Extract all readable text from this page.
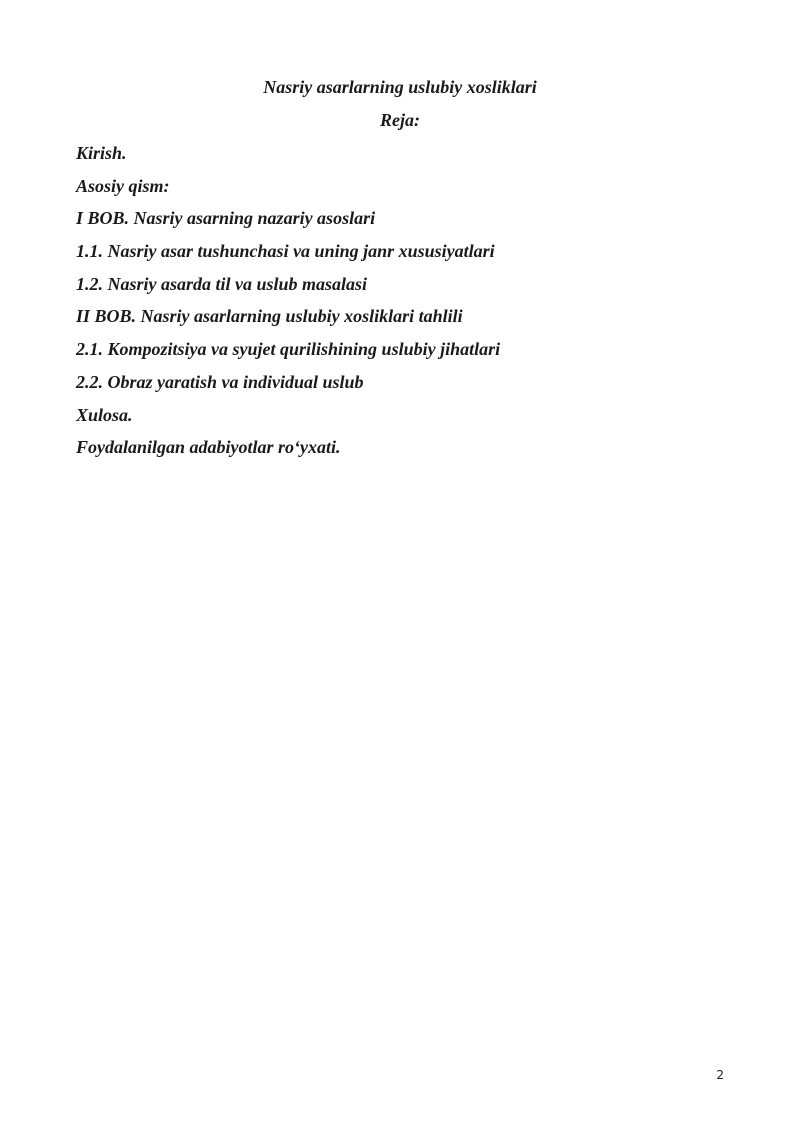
Nasriy asarlarning uslubiy xosliklari

Reja:

Kirish.
Asosiy qism:
I BOB. Nasriy asarning nazariy asoslari
1.1. Nasriy asar tushunchasi va uning janr xususiyatlari
1.2. Nasriy asarda til va uslub masalasi
II BOB. Nasriy asarlarning uslubiy xosliklari tahlili
2.1. Kompozitsiya va syujet qurilishining uslubiy jihatlari
2.2. Obraz yaratish va individual uslub
Xulosa.
Foydalanilgan adabiyotlar ro‘yxati.
2
